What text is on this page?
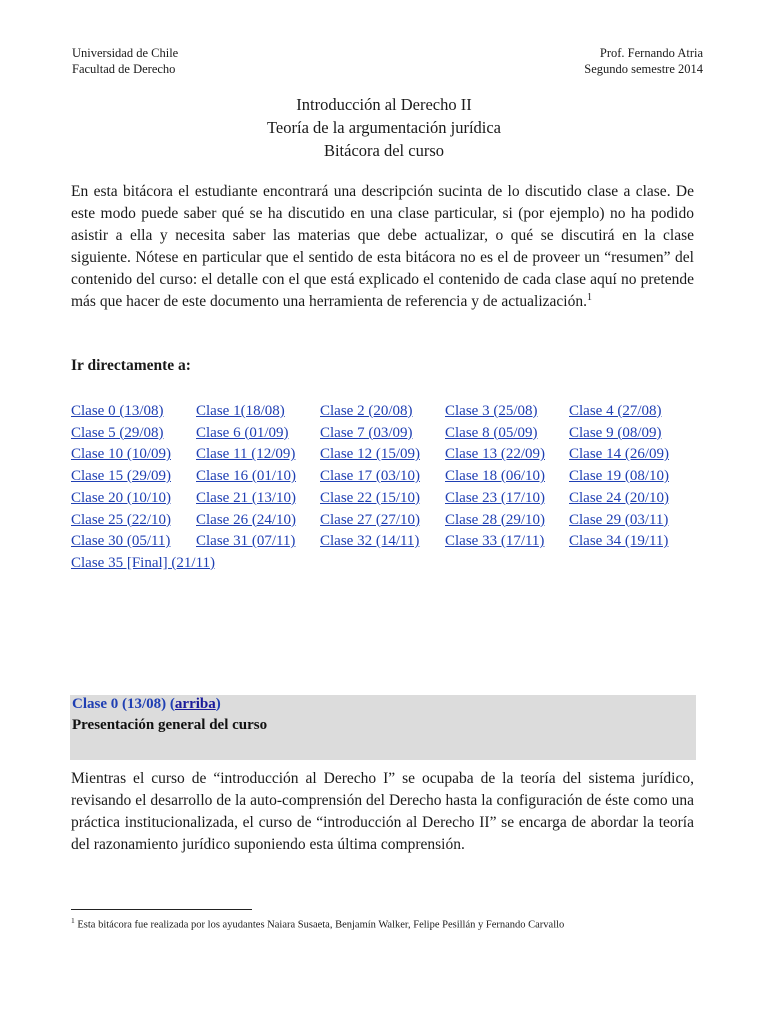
Universidad de Chile
Facultad de Derecho
Prof. Fernando Atria
Segundo semestre 2014
Introducción al Derecho II
Teoría de la argumentación jurídica
Bitácora del curso
En esta bitácora el estudiante encontrará una descripción sucinta de lo discutido clase a clase. De este modo puede saber qué se ha discutido en una clase particular, si (por ejemplo) no ha podido asistir a ella y necesita saber las materias que debe actualizar, o qué se discutirá en la clase siguiente. Nótese en particular que el sentido de esta bitácora no es el de proveer un “resumen” del contenido del curso: el detalle con el que está explicado el contenido de cada clase aquí no pretende más que hacer de este documento una herramienta de referencia y de actualización.$^1$
Ir directamente a:
Clase 0 (13/08) Clase 1(18/08) Clase 2 (20/08) Clase 3 (25/08) Clase 4 (27/08)
Clase 5 (29/08) Clase 6 (01/09) Clase 7 (03/09) Clase 8 (05/09) Clase 9 (08/09)
Clase 10 (10/09) Clase 11 (12/09) Clase 12 (15/09) Clase 13 (22/09) Clase 14 (26/09)
Clase 15 (29/09) Clase 16 (01/10) Clase 17 (03/10) Clase 18 (06/10) Clase 19 (08/10)
Clase 20 (10/10) Clase 21 (13/10) Clase 22 (15/10) Clase 23 (17/10) Clase 24 (20/10)
Clase 25 (22/10) Clase 26 (24/10) Clase 27 (27/10) Clase 28 (29/10) Clase 29 (03/11)
Clase 30 (05/11) Clase 31 (07/11) Clase 32 (14/11) Clase 33 (17/11) Clase 34 (19/11)
Clase 35 [Final] (21/11)
Clase 0 (13/08) (arriba)
Presentación general del curso
Mientras el curso de “introducción al Derecho I” se ocupaba de la teoría del sistema jurídico, revisando el desarrollo de la auto-comprensión del Derecho hasta la configuración de éste como una práctica institucionalizada, el curso de “introducción al Derecho II” se encarga de abordar la teoría del razonamiento jurídico suponiendo esta última comprensión.
$^1$ Esta bitácora fue realizada por los ayudantes Naiara Susaeta, Benjamín Walker, Felipe Pesillán y Fernando Carvallo
